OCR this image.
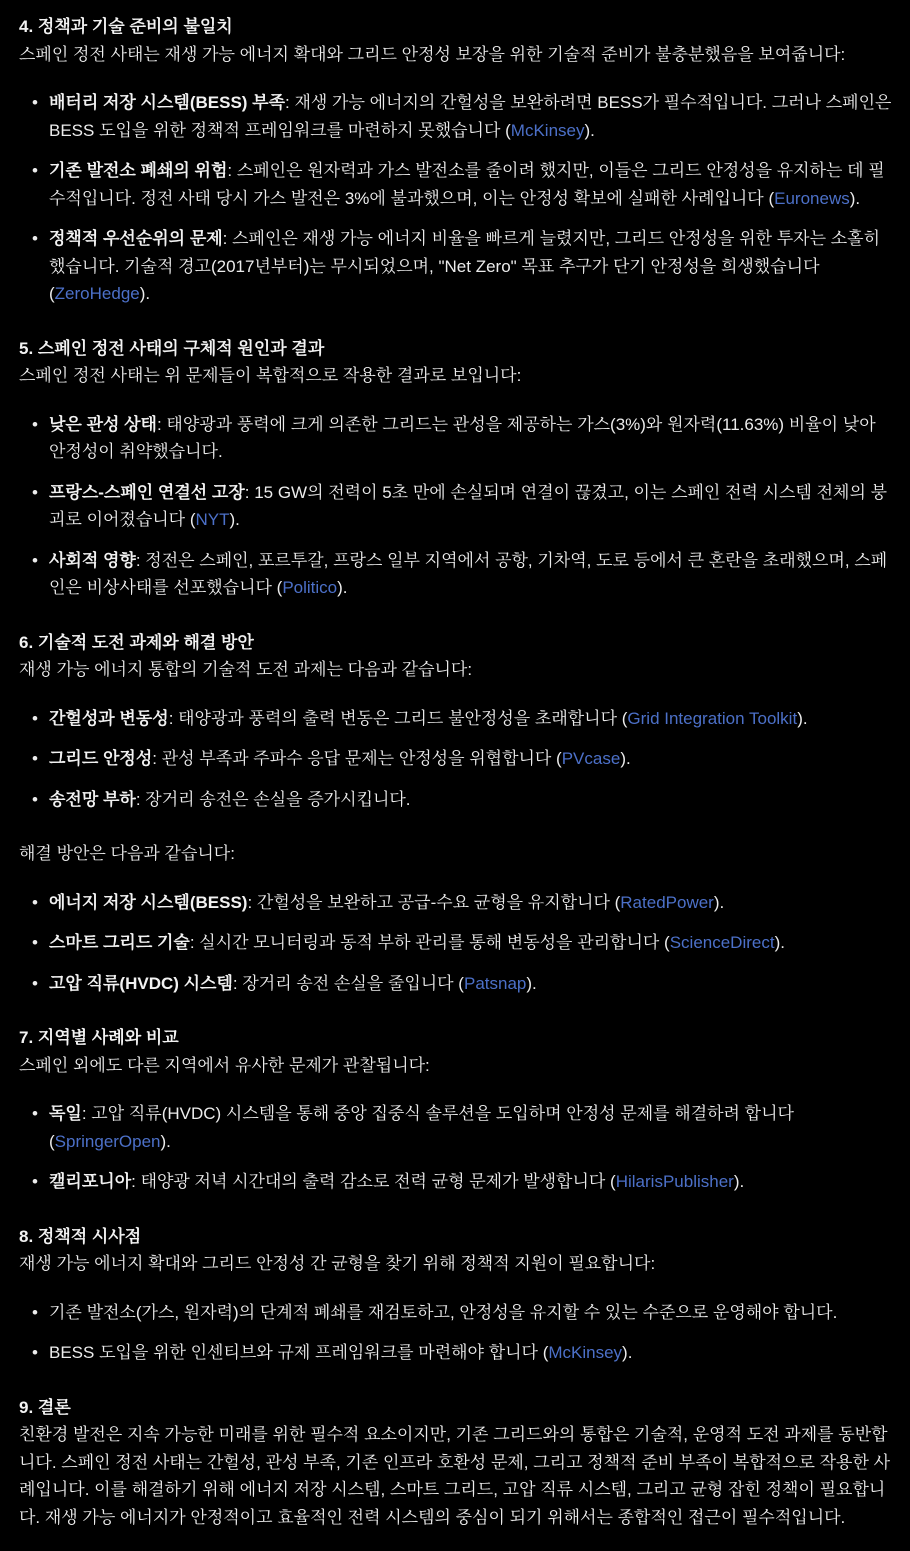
4. 정책과 기술 준비의 불일치

스페인 정전 사태는 재생 가능 에너지 확대와 그리드 안정성 보장을 위한 기술적 준비가 불충분했음을 보여줍니다:

• 배터리 저장 시스템(BESS) 부족: 재생 가능 에너지의 간헐성을 보완하려면 BESS가 필수적입니다. 그러나 스페인은 BESS 도입을 위한 정책적 프레임워크를 마련하지 못했습니다 (McKinsey).
• 기존 발전소 폐쇄의 위험: 스페인은 원자력과 가스 발전소를 줄이려 했지만, 이들은 그리드 안정성을 유지하는 데 필수적입니다. 정전 사태 당시 가스 발전은 3%에 불과했으며, 이는 안정성 확보에 실패한 사례입니다 (Euronews).
• 정책적 우선순위의 문제: 스페인은 재생 가능 에너지 비율을 빠르게 늘렸지만, 그리드 안정성을 위한 투자는 소홀히 했습니다. 기술적 경고(2017년부터)는 무시되었으며, "Net Zero" 목표 추구가 단기 안정성을 희생했습니다 (ZeroHedge).
5. 스페인 정전 사태의 구체적 원인과 결과

스페인 정전 사태는 위 문제들이 복합적으로 작용한 결과로 보입니다:

• 낮은 관성 상태: 태양광과 풍력에 크게 의존한 그리드는 관성을 제공하는 가스(3%)와 원자력(11.63%) 비율이 낮아 안정성이 취약했습니다.
• 프랑스-스페인 연결선 고장: 15 GW의 전력이 5초 만에 손실되며 연결이 끊겼고, 이는 스페인 전력 시스템 전체의 붕괴로 이어졌습니다 (NYT).
• 사회적 영향: 정전은 스페인, 포르투갈, 프랑스 일부 지역에서 공항, 기차역, 도로 등에서 큰 혼란을 초래했으며, 스페인은 비상사태를 선포했습니다 (Politico).
6. 기술적 도전 과제와 해결 방안

재생 가능 에너지 통합의 기술적 도전 과제는 다음과 같습니다:

• 간헐성과 변동성: 태양광과 풍력의 출력 변동은 그리드 불안정성을 초래합니다 (Grid Integration Toolkit).
• 그리드 안정성: 관성 부족과 주파수 응답 문제는 안정성을 위협합니다 (PVcase).
• 송전망 부하: 장거리 송전은 손실을 증가시킵니다.

해결 방안은 다음과 같습니다:

• 에너지 저장 시스템(BESS): 간헐성을 보완하고 공급-수요 균형을 유지합니다 (RatedPower).
• 스마트 그리드 기술: 실시간 모니터링과 동적 부하 관리를 통해 변동성을 관리합니다 (ScienceDirect).
• 고압 직류(HVDC) 시스템: 장거리 송전 손실을 줄입니다 (Patsnap).
7. 지역별 사례와 비교

스페인 외에도 다른 지역에서 유사한 문제가 관찰됩니다:

• 독일: 고압 직류(HVDC) 시스템을 통해 중앙 집중식 솔루션을 도입하며 안정성 문제를 해결하려 합니다 (SpringerOpen).
• 캘리포니아: 태양광 저녁 시간대의 출력 감소로 전력 균형 문제가 발생합니다 (HilarisPublisher).
8. 정책적 시사점

재생 가능 에너지 확대와 그리드 안정성 간 균형을 찾기 위해 정책적 지원이 필요합니다:

• 기존 발전소(가스, 원자력)의 단계적 폐쇄를 재검토하고, 안정성을 유지할 수 있는 수준으로 운영해야 합니다.
• BESS 도입을 위한 인센티브와 규제 프레임워크를 마련해야 합니다 (McKinsey).
9. 결론

친환경 발전은 지속 가능한 미래를 위한 필수적 요소이지만, 기존 그리드와의 통합은 기술적, 운영적 도전 과제를 동반합니다. 스페인 정전 사태는 간헐성, 관성 부족, 기존 인프라 호환성 문제, 그리고 정책적 준비 부족이 복합적으로 작용한 사례입니다. 이를 해결하기 위해 에너지 저장 시스템, 스마트 그리드, 고압 직류 시스템, 그리고 균형 잡힌 정책이 필요합니다. 재생 가능 에너지가 안정적이고 효율적인 전력 시스템의 중심이 되기 위해서는 종합적인 접근이 필수적입니다.
